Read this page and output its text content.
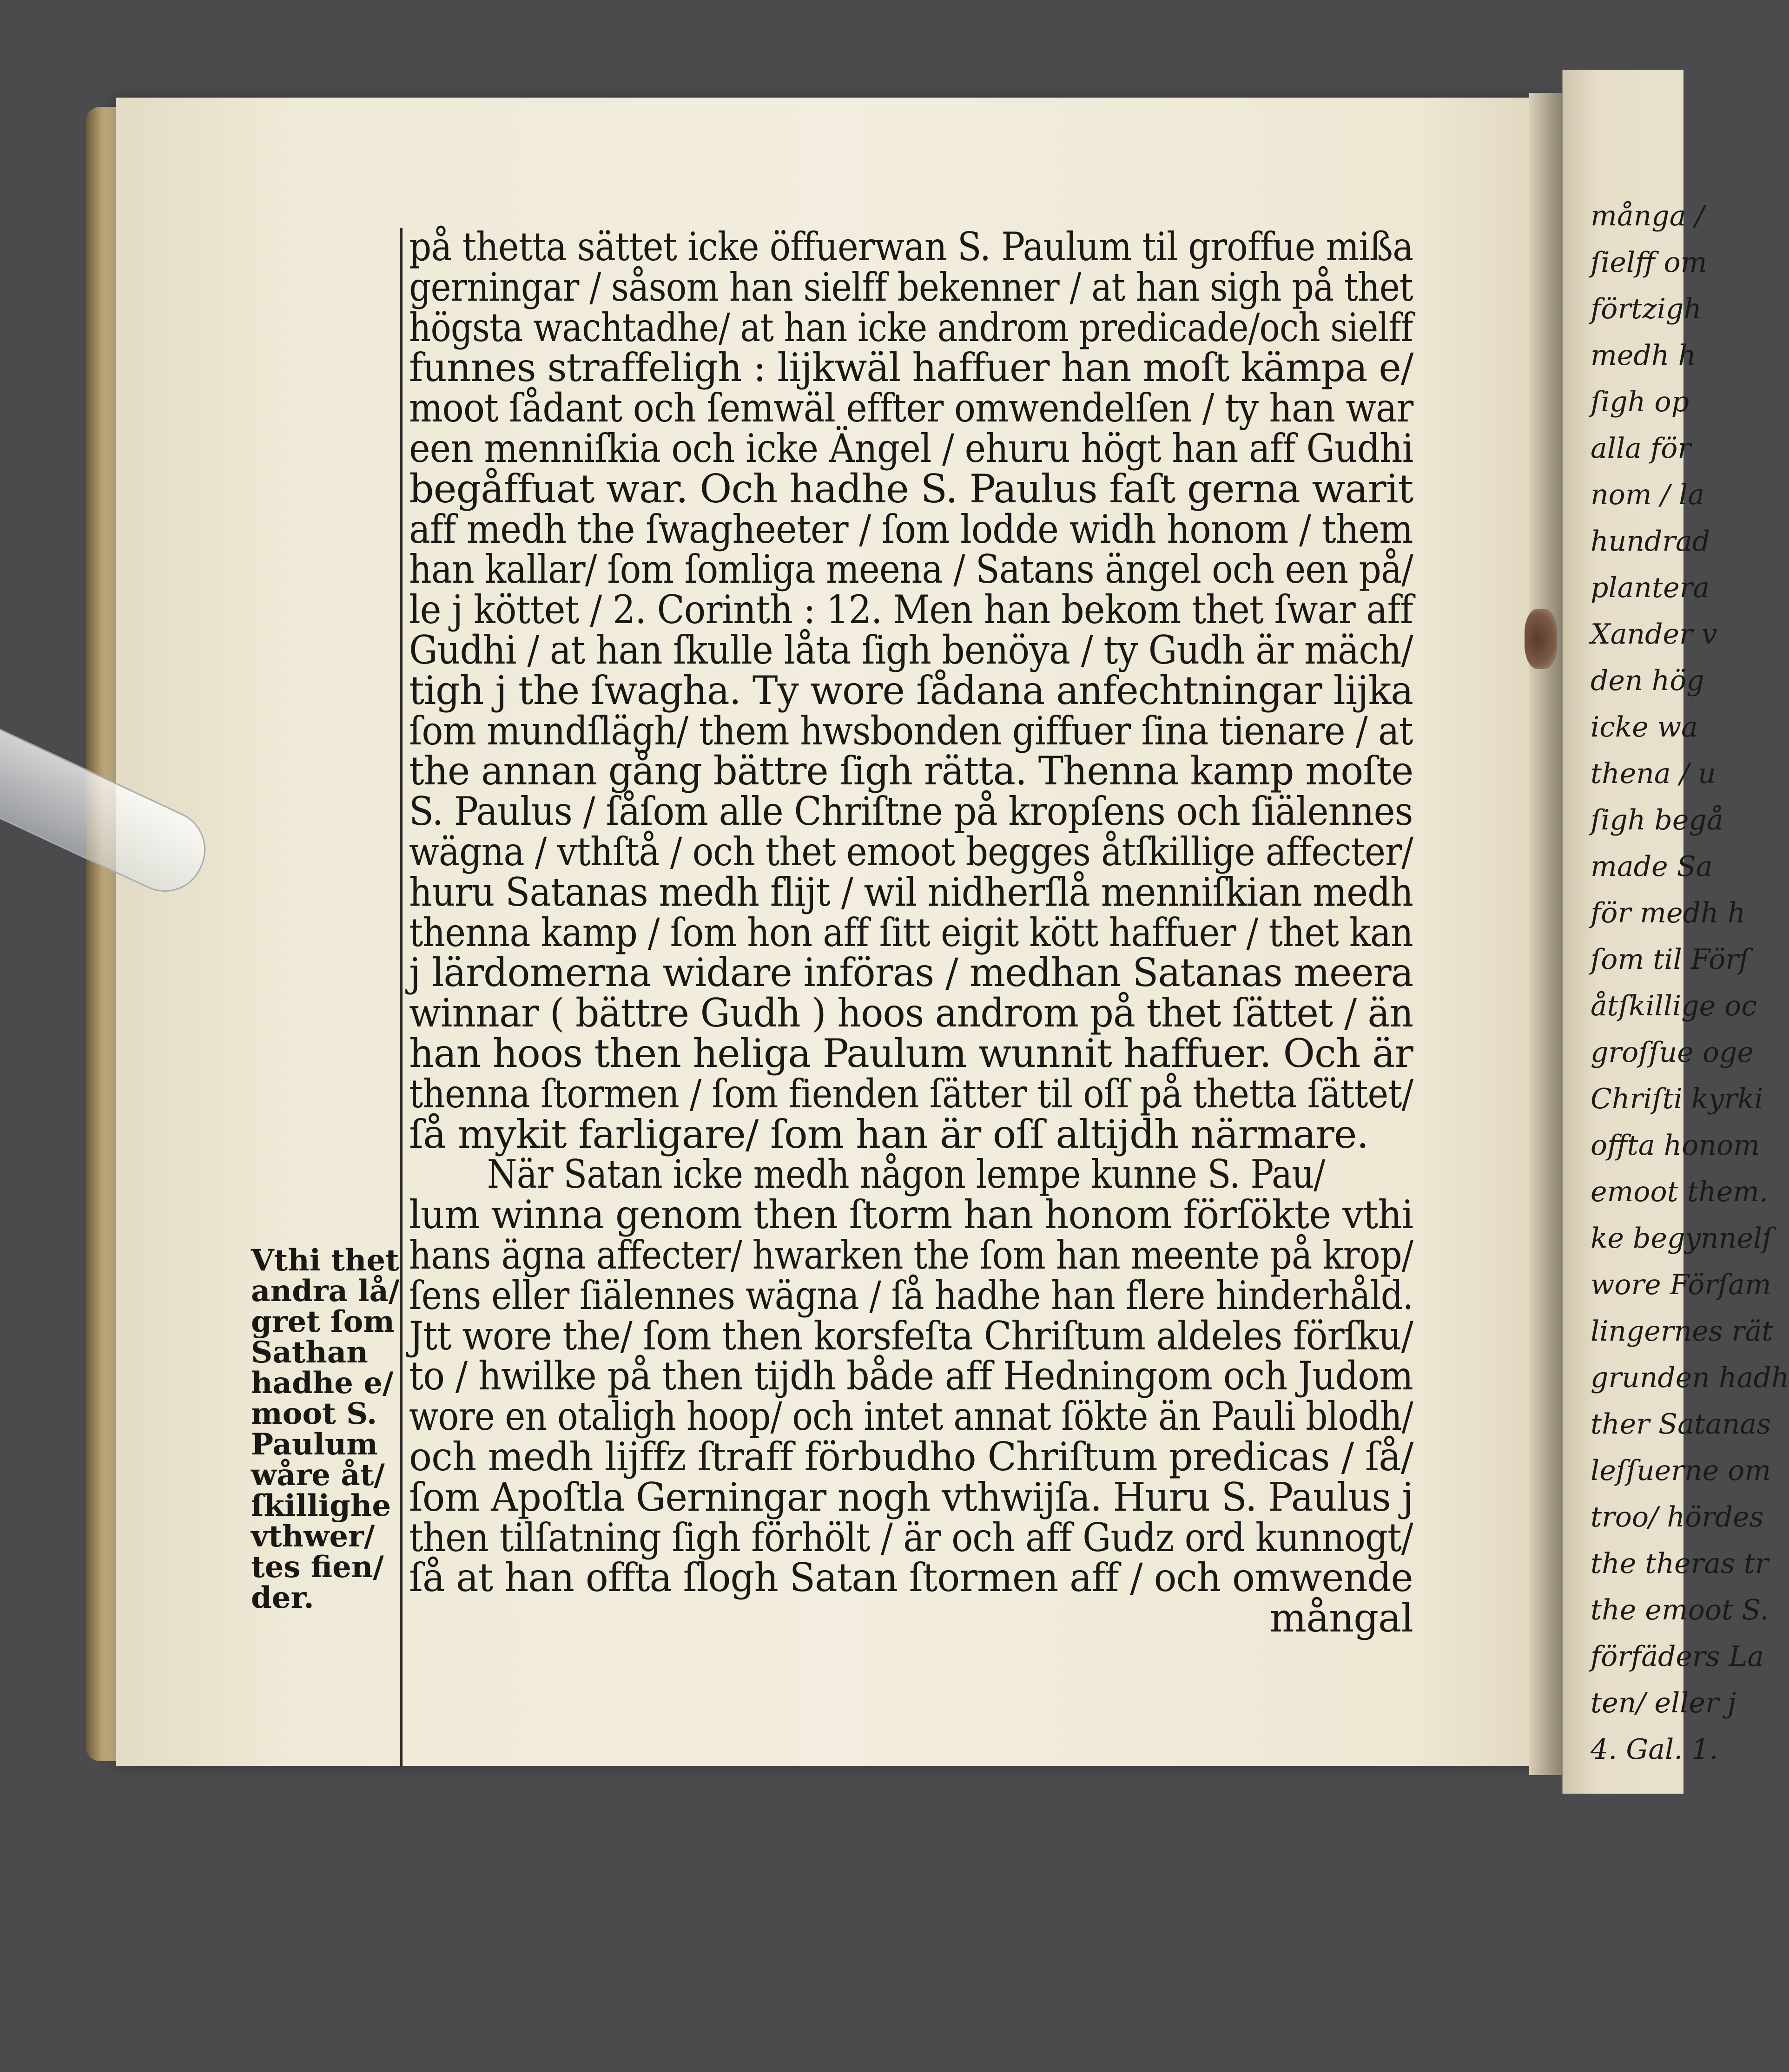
många /
ſielff om
förtzigh
medh h
ſigh op
alla för
nom / la
hundrad
plantera
Xander v
den hög
icke wa
thena / u
ſigh begå
made Sa
för medh h
ſom til Förſ
åtſkillige oc
groſſue oge
Chriſti kyrki
offta honom
emoot them.
ke begynnelſ
wore Förſam
lingernes rät
grunden hadh
ther Satanas
leſſuerne om
troo/ hördes
the theras tr
the emoot S.
förfäders La
ten/ eller j
4. Gal. 1.

på thetta sättet icke öffuerwan S. Paulum til groffue mißa
gerningar / såsom han sielff bekenner / at han sigh på thet
högsta wachtadhe/ at han icke androm predicade/och sielff
funnes straffeligh : lijkwäl haffuer han moſt kämpa e/
moot ſådant och ſemwäl effter omwendelſen / ty han war
een menniſkia och icke Ängel / ehuru högt han aff Gudhi
begåffuat war. Och hadhe S. Paulus faſt gerna warit
aff medh the ſwagheeter / ſom lodde widh honom / them
han kallar/ ſom ſomliga meena / Satans ängel och een på/
le j köttet / 2. Corinth : 12. Men han bekom thet ſwar aff
Gudhi / at han ſkulle låta ſigh benöya / ty Gudh är mäch/
tigh j the ſwagha. Ty wore ſådana anfechtningar lijka
ſom mundſlägh/ them hwsbonden giffuer ſina tienare / at
the annan gång bättre ſigh rätta. Thenna kamp moſte
S. Paulus / ſåſom alle Chriſtne på kropſens och ſiälennes
wägna / vthſtå / och thet emoot begges åtſkillige affecter/
huru Satanas medh flijt / wil nidherſlå menniſkian medh
thenna kamp / ſom hon aff ſitt eigit kött haffuer / thet kan
j lärdomerna widare införas / medhan Satanas meera
winnar ( bättre Gudh ) hoos androm på thet ſättet / än
han hoos then heliga Paulum wunnit haffuer. Och är
thenna ſtormen / ſom fienden ſätter til oſſ på thetta ſättet/
ſå mykit farligare/ ſom han är oſſ altijdh närmare.
När Satan icke medh någon lempe kunne S. Pau/
lum winna genom then ſtorm han honom förſökte vthi
hans ägna affecter/ hwarken the ſom han meente på krop/
ſens eller ſiälennes wägna / ſå hadhe han flere hinderhåld.
Jtt wore the/ ſom then korsfeſta Chriſtum aldeles förſku/
to / hwilke på then tijdh både aff Hedningom och Judom
wore en otaligh hoop/ och intet annat ſökte än Pauli blodh/
och medh lijffz ſtraff förbudho Chriſtum predicas / ſå/
ſom Apoſtla Gerningar nogh vthwijſa. Huru S. Paulus j
then tilſatning ſigh förhölt / är och aff Gudz ord kunnogt/
ſå at han offta ſlogh Satan ſtormen aff / och omwende
mångal
Vthi thet
andra lå/
gret ſom
Sathan
hadhe e/
moot S.
Paulum
wåre åt/
ſkillighe
vthwer/
tes fien/
der.
